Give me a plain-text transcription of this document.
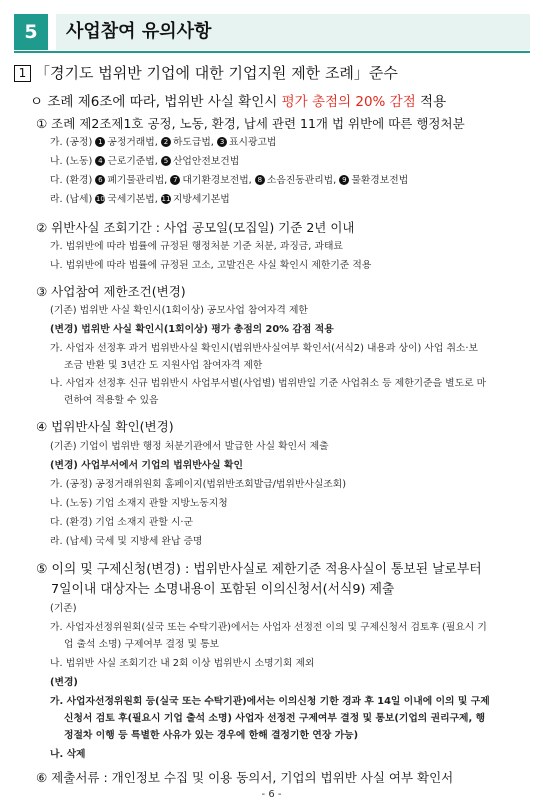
5	사업참여 유의사항
1 「경기도 법위반 기업에 대한 기업지원 제한 조례」준수
ㅇ 조례 제6조에 따라, 법위반 사실 확인시 평가 총점의 20% 감점 적용
① 조례 제2조제1호 공정, 노동, 환경, 납세 관련 11개 법 위반에 따른 행정처분
가. (공정) 1 공정거래법, 2 하도급법, 3 표시광고법
나. (노동) 4 근로기준법, 5 산업안전보건법
다. (환경) 6 폐기물관리법, 7 대기환경보전법, 8 소음진동관리법, 9 물환경보전법
라. (납세) 10 국세기본법, 11 지방세기본법
② 위반사실 조회기간 : 사업 공모일(모집일) 기준 2년 이내
가. 법위반에 따라 법률에 규정된 행정처분 기준 처분, 과징금, 과태료
나. 법위반에 따라 법률에 규정된 고소, 고발건은 사실 확인시 제한기준 적용
③ 사업참여 제한조건(변경)
(기존) 법위반 사실 확인시(1회이상) 공모사업 참여자격 제한
(변경) 법위반 사실 확인시(1회이상) 평가 총점의 20% 감점 적용
가. 사업자 선정후 과거 법위반사실 확인시(법위반사실여부 확인서(서식2) 내용과 상이) 사업 취소·보
조금 반환 및 3년간 도 지원사업 참여자격 제한
나. 사업자 선정후 신규 법위반시 사업부서별(사업별) 법위반일 기준 사업취소 등 제한기준을 별도로 마
련하여 적용할 수 있음
④ 법위반사실 확인(변경)
(기존) 기업이 법위반 행정 처분기관에서 발급한 사실 확인서 제출
(변경) 사업부서에서 기업의 법위반사실 확인
가. (공정) 공정거래위원회 홈페이지(법위반조회발급/법위반사실조회)
나. (노동) 기업 소재지 관할 지방노동지청
다. (환경) 기업 소재지 관할 시·군
라. (납세) 국세 및 지방세 완납 증명
⑤ 이의 및 구제신청(변경) : 법위반사실로 제한기준 적용사실이 통보된 날로부터
7일이내 대상자는 소명내용이 포함된 이의신청서(서식9) 제출
(기존)
가. 사업자선정위원회(실국 또는 수탁기관)에서는 사업자 선정전 이의 및 구제신청서 검토후 (필요시 기
업 출석 소명) 구제여부 결정 및 통보
나. 법위반 사실 조회기간 내 2회 이상 법위반시 소명기회 제외
(변경)
가. 사업자선정위원회 등(실국 또는 수탁기관)에서는 이의신청 기한 경과 후 14일 이내에 이의 및 구제
신청서 검토 후(필요시 기업 출석 소명) 사업자 선정전 구제여부 결정 및 통보(기업의 권리구제, 행
정절차 이행 등 특별한 사유가 있는 경우에 한해 결정기한 연장 가능)
나. 삭제
⑥ 제출서류 : 개인정보 수집 및 이용 동의서, 기업의 법위반 사실 여부 확인서
- 6 -
